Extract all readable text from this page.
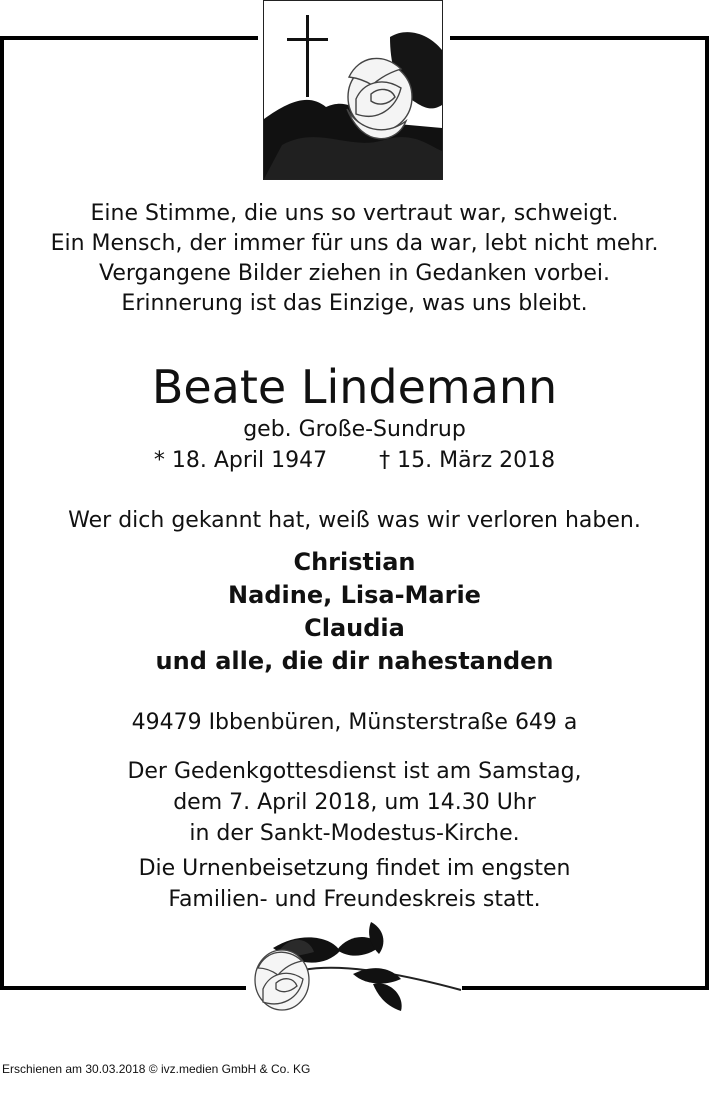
Eine Stimme, die uns so vertraut war, schweigt.
Ein Mensch, der immer für uns da war, lebt nicht mehr.
Vergangene Bilder ziehen in Gedanken vorbei.
Erinnerung ist das Einzige, was uns bleibt.
Beate Lindemann
geb. Große-Sundrup
* 18. April 1947 † 15. März 2018
Wer dich gekannt hat, weiß was wir verloren haben.
Christian
Nadine, Lisa-Marie
Claudia
und alle, die dir nahestanden
49479 Ibbenbüren, Münsterstraße 649 a
Der Gedenkgottesdienst ist am Samstag,
dem 7. April 2018, um 14.30 Uhr
in der Sankt-Modestus-Kirche.
Die Urnenbeisetzung findet im engsten
Familien- und Freundeskreis statt.
Erschienen am 30.03.2018 © ivz.medien GmbH & Co. KG
